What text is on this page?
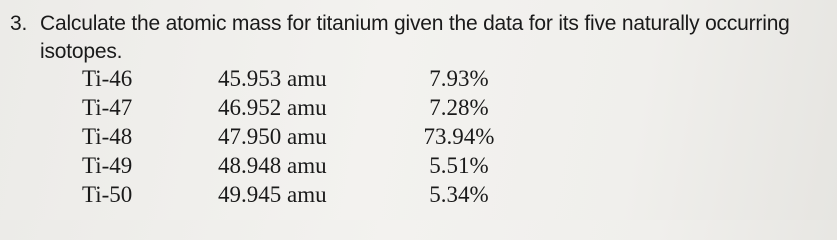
3. Calculate the atomic mass for titanium given the data for its five naturally occurring
isotopes.
Ti-46	45.953 amu	7.93%
Ti-47	46.952 amu	7.28%
Ti-48	47.950 amu	73.94%
Ti-49	48.948 amu	5.51%
Ti-50	49.945 amu	5.34%
